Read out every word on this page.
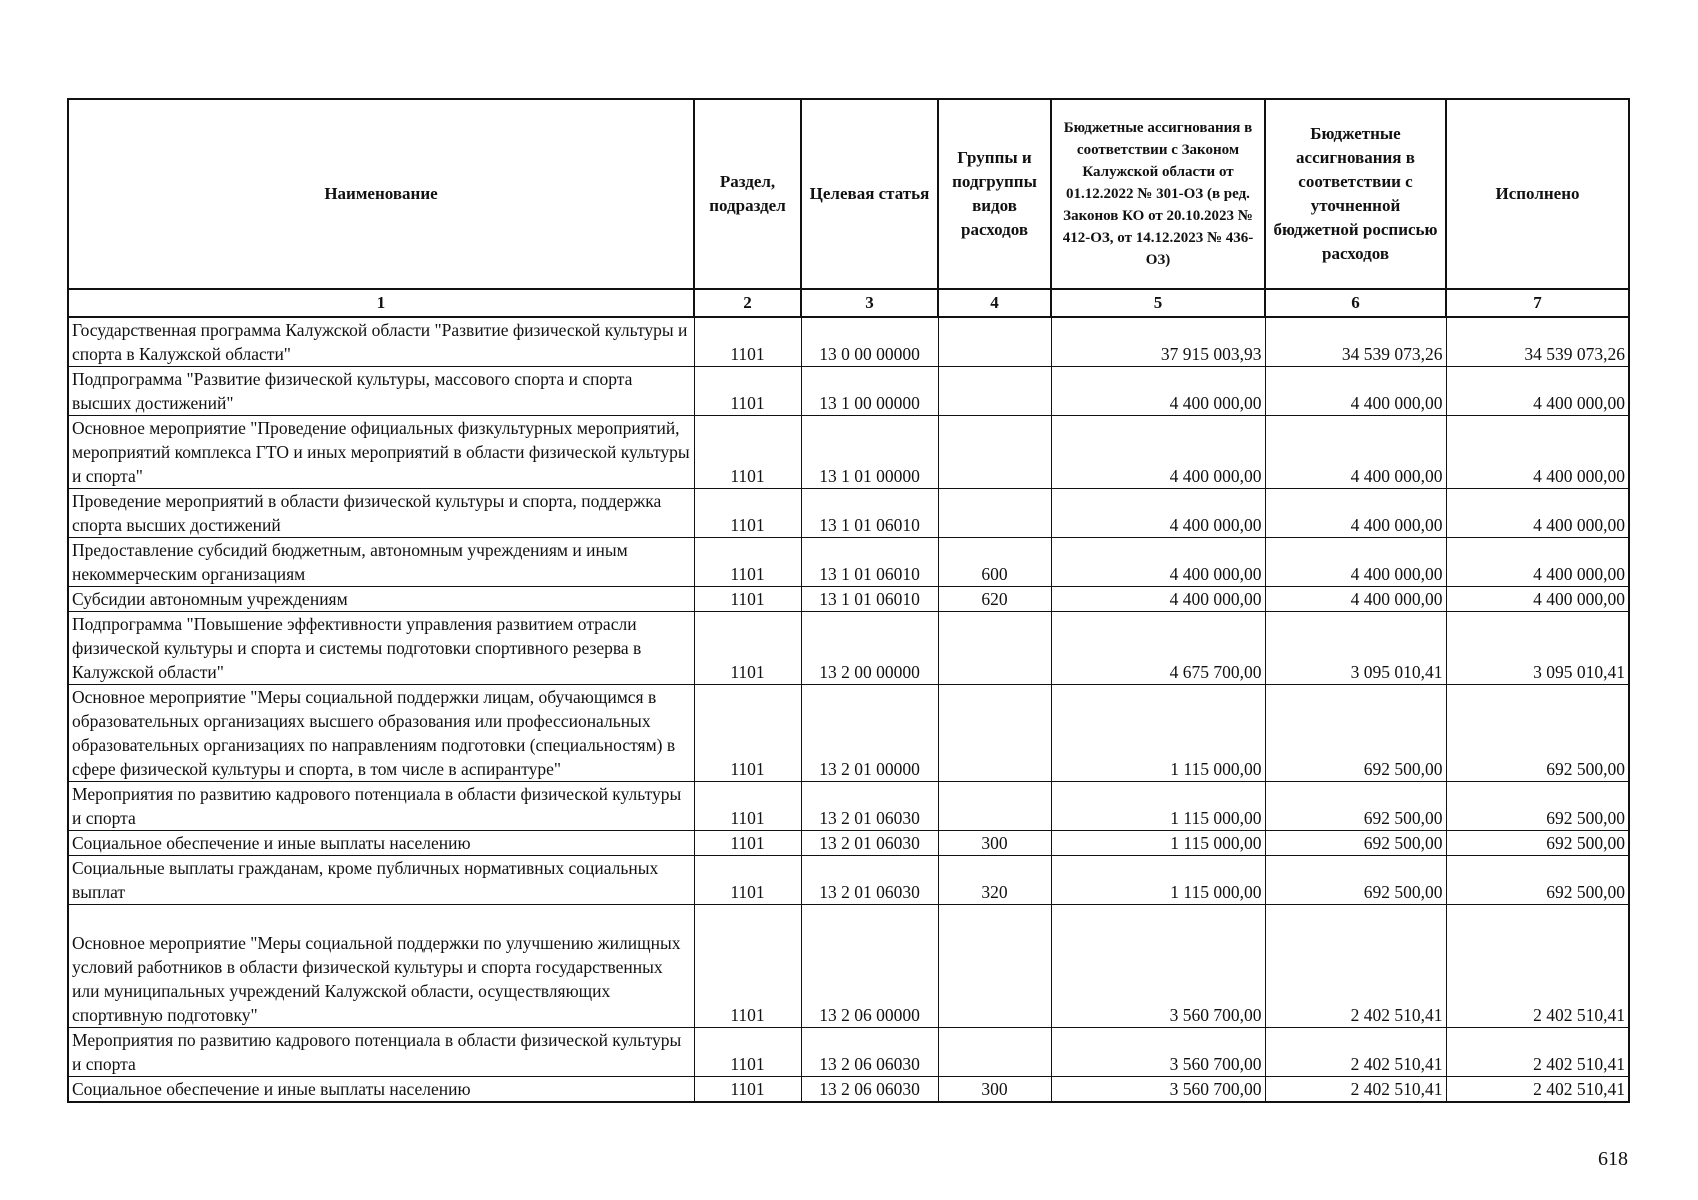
Наименование	Раздел, подраздел	Целевая статья	Группы и подгруппы видов расходов	Бюджетные ассигнования в соответствии с Законом Калужской области от 01.12.2022 № 301-ОЗ (в ред. Законов КО от 20.10.2023 № 412-ОЗ, от 14.12.2023 № 436-ОЗ)	Бюджетные ассигнования в соответствии с уточненной бюджетной росписью расходов	Исполнено
1	2	3	4	5	6	7
Государственная программа Калужской области "Развитие физической культуры и спорта в Калужской области"	1101	13 0 00 00000		37 915 003,93	34 539 073,26	34 539 073,26
Подпрограмма "Развитие физической культуры, массового спорта и спорта высших достижений"	1101	13 1 00 00000		4 400 000,00	4 400 000,00	4 400 000,00
Основное мероприятие "Проведение официальных физкультурных мероприятий, мероприятий комплекса ГТО и иных мероприятий в области физической культуры и спорта"	1101	13 1 01 00000		4 400 000,00	4 400 000,00	4 400 000,00
Проведение мероприятий в области физической культуры и спорта, поддержка спорта высших достижений	1101	13 1 01 06010		4 400 000,00	4 400 000,00	4 400 000,00
Предоставление субсидий бюджетным, автономным учреждениям и иным некоммерческим организациям	1101	13 1 01 06010	600	4 400 000,00	4 400 000,00	4 400 000,00
Субсидии автономным учреждениям	1101	13 1 01 06010	620	4 400 000,00	4 400 000,00	4 400 000,00
Подпрограмма "Повышение эффективности управления развитием отрасли физической культуры и спорта и системы подготовки спортивного резерва в Калужской области"	1101	13 2 00 00000		4 675 700,00	3 095 010,41	3 095 010,41
Основное мероприятие "Меры социальной поддержки лицам, обучающимся в образовательных организациях высшего образования или профессиональных образовательных организациях по направлениям подготовки (специальностям) в сфере физической культуры и спорта, в том числе в аспирантуре"	1101	13 2 01 00000		1 115 000,00	692 500,00	692 500,00
Мероприятия по развитию кадрового потенциала в области физической культуры и спорта	1101	13 2 01 06030		1 115 000,00	692 500,00	692 500,00
Социальное обеспечение и иные выплаты населению	1101	13 2 01 06030	300	1 115 000,00	692 500,00	692 500,00
Социальные выплаты гражданам, кроме публичных нормативных социальных выплат	1101	13 2 01 06030	320	1 115 000,00	692 500,00	692 500,00
Основное мероприятие "Меры социальной поддержки по улучшению жилищных условий работников в области физической культуры и спорта государственных или муниципальных учреждений Калужской области, осуществляющих спортивную подготовку"	1101	13 2 06 00000		3 560 700,00	2 402 510,41	2 402 510,41
Мероприятия по развитию кадрового потенциала в области физической культуры и спорта	1101	13 2 06 06030		3 560 700,00	2 402 510,41	2 402 510,41
Социальное обеспечение и иные выплаты населению	1101	13 2 06 06030	300	3 560 700,00	2 402 510,41	2 402 510,41
618
